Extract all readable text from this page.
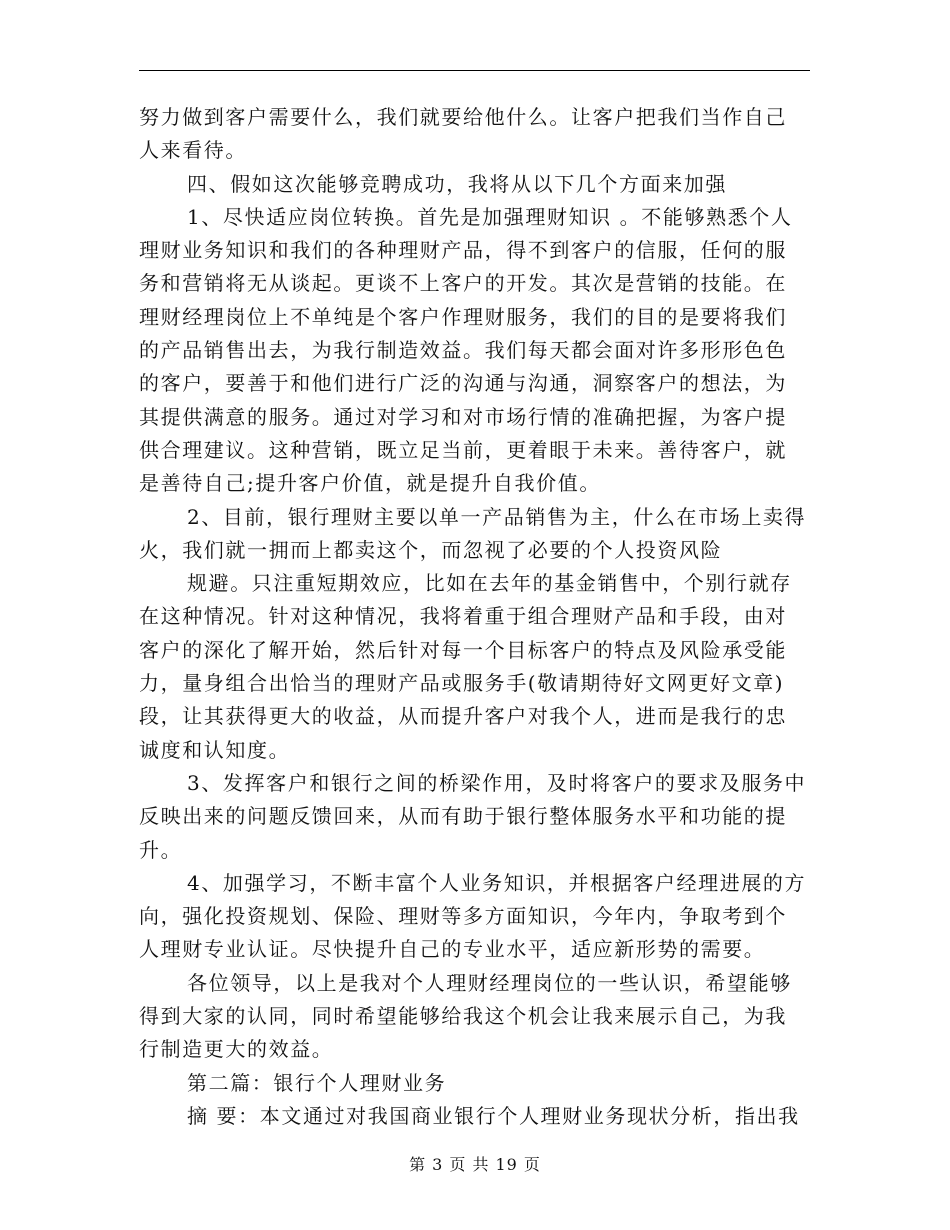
努力做到客户需要什么，我们就要给他什么。让客户把我们当作自己
人来看待。
四、假如这次能够竞聘成功，我将从以下几个方面来加强
1、尽快适应岗位转换。首先是加强理财知识 。不能够熟悉个人
理财业务知识和我们的各种理财产品，得不到客户的信服，任何的服
务和营销将无从谈起。更谈不上客户的开发。其次是营销的技能。在
理财经理岗位上不单纯是个客户作理财服务，我们的目的是要将我们
的产品销售出去，为我行制造效益。我们每天都会面对许多形形色色
的客户，要善于和他们进行广泛的沟通与沟通，洞察客户的想法，为
其提供满意的服务。通过对学习和对市场行情的准确把握，为客户提
供合理建议。这种营销，既立足当前，更着眼于未来。善待客户，就
是善待自己;提升客户价值，就是提升自我价值。
2、目前，银行理财主要以单一产品销售为主，什么在市场上卖得
火，我们就一拥而上都卖这个，而忽视了必要的个人投资风险
规避。只注重短期效应，比如在去年的基金销售中，个别行就存
在这种情况。针对这种情况，我将着重于组合理财产品和手段，由对
客户的深化了解开始，然后针对每一个目标客户的特点及风险承受能
力，量身组合出恰当的理财产品或服务手(敬请期待好文网更好文章)
段，让其获得更大的收益，从而提升客户对我个人，进而是我行的忠
诚度和认知度。
3、发挥客户和银行之间的桥梁作用，及时将客户的要求及服务中
反映出来的问题反馈回来，从而有助于银行整体服务水平和功能的提
升。
4、加强学习，不断丰富个人业务知识，并根据客户经理进展的方
向，强化投资规划、保险、理财等多方面知识，今年内，争取考到个
人理财专业认证。尽快提升自己的专业水平，适应新形势的需要。
各位领导，以上是我对个人理财经理岗位的一些认识，希望能够
得到大家的认同，同时希望能够给我这个机会让我来展示自己，为我
行制造更大的效益。
第二篇：银行个人理财业务
摘 要：本文通过对我国商业银行个人理财业务现状分析，指出我
第 3 页 共 19 页
